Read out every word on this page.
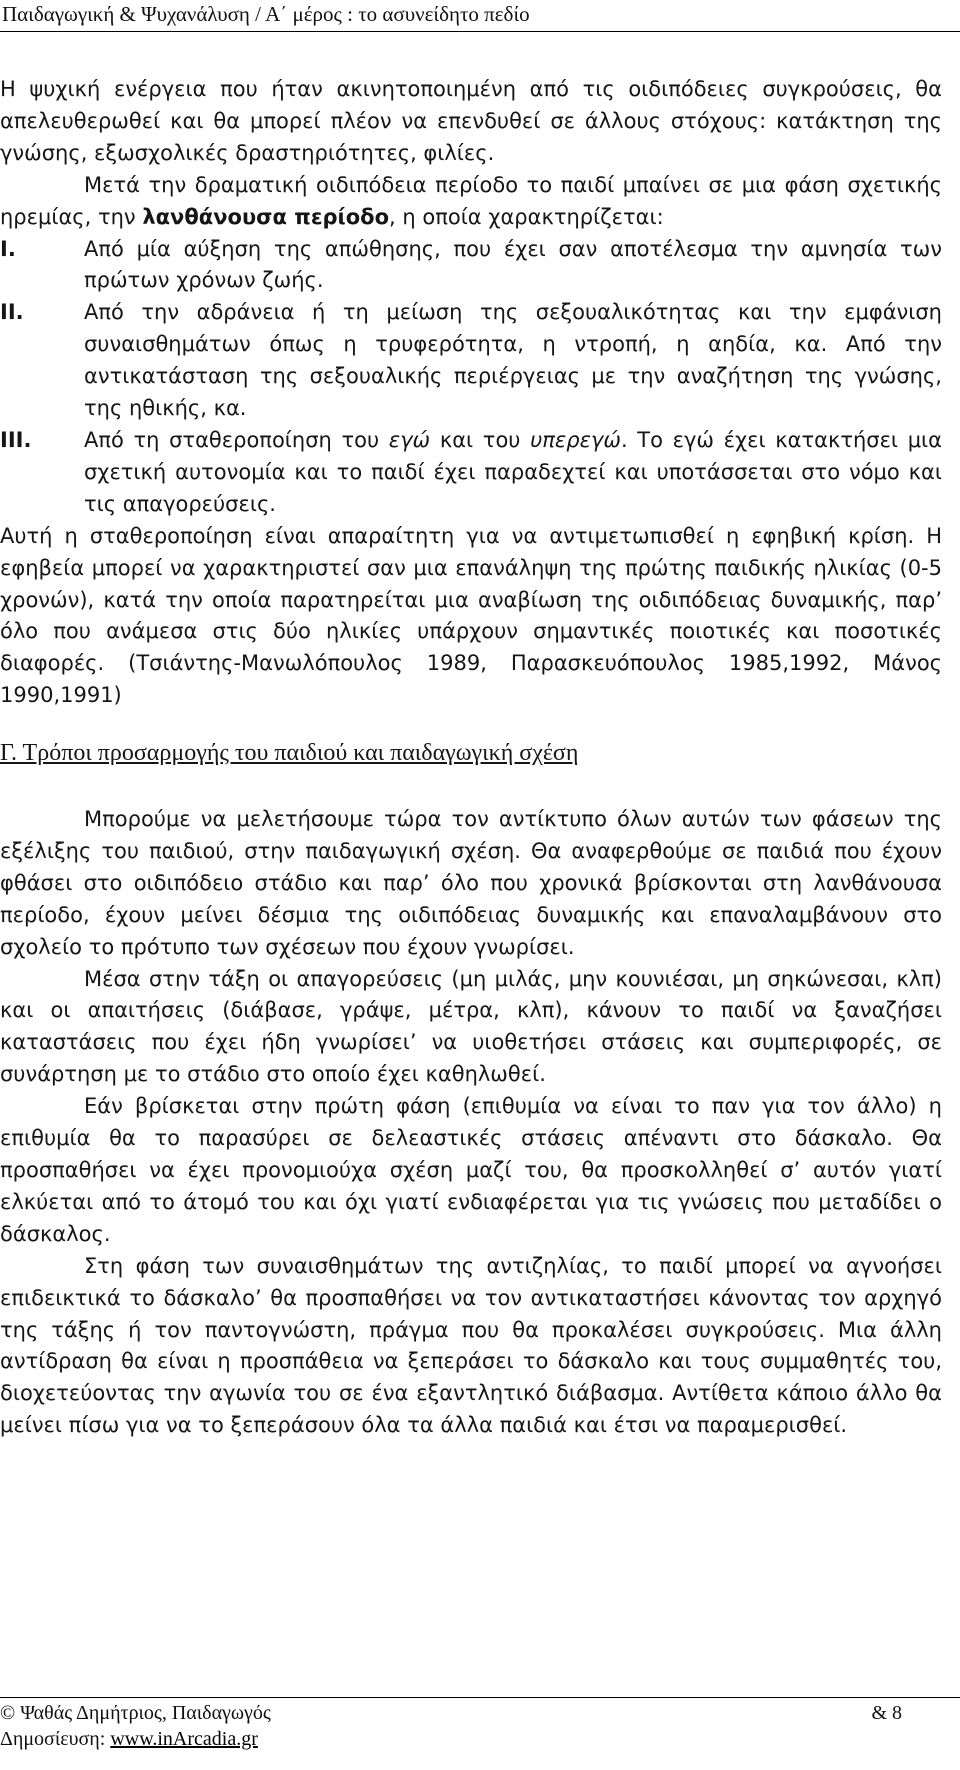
Παιδαγωγική & Ψυχανάλυση / Α΄ μέρος : το ασυνείδητο πεδίο

Η ψυχική ενέργεια που ήταν ακινητοποιημένη από τις οιδιπόδειες συγκρούσεις, θα απελευθερωθεί και θα μπορεί πλέον να επενδυθεί σε άλλους στόχους: κατάκτηση της γνώσης, εξωσχολικές δραστηριότητες, φιλίες.

Μετά την δραματική οιδιπόδεια περίοδο το παιδί μπαίνει σε μια φάση σχετικής ηρεμίας, την λανθάνουσα περίοδο, η οποία χαρακτηρίζεται:

Ι.	Από μία αύξηση της απώθησης, που έχει σαν αποτέλεσμα την αμνησία των πρώτων χρόνων ζωής.
ΙΙ.	Από την αδράνεια ή τη μείωση της σεξουαλικότητας και την εμφάνιση συναισθημάτων όπως η τρυφερότητα, η ντροπή, η αηδία, κα. Από την αντικατάσταση της σεξουαλικής περιέργειας με την αναζήτηση της γνώσης, της ηθικής, κα.
ΙΙΙ.	Από τη σταθεροποίηση του εγώ και του υπερεγώ. Το εγώ έχει κατακτήσει μια σχετική αυτονομία και το παιδί έχει παραδεχτεί και υποτάσσεται στο νόμο και τις απαγορεύσεις.

Αυτή η σταθεροποίηση είναι απαραίτητη για να αντιμετωπισθεί η εφηβική κρίση. Η εφηβεία μπορεί να χαρακτηριστεί σαν μια επανάληψη της πρώτης παιδικής ηλικίας (0-5 χρονών), κατά την οποία παρατηρείται μια αναβίωση της οιδιπόδειας δυναμικής, παρ’ όλο που ανάμεσα στις δύο ηλικίες υπάρχουν σημαντικές ποιοτικές και ποσοτικές διαφορές. (Τσιάντης-Μανωλόπουλος 1989, Παρασκευόπουλος 1985,1992, Μάνος 1990,1991)

Γ. Τρόποι προσαρμογής του παιδιού και παιδαγωγική σχέση

Μπορούμε να μελετήσουμε τώρα τον αντίκτυπο όλων αυτών των φάσεων της εξέλιξης του παιδιού, στην παιδαγωγική σχέση. Θα αναφερθούμε σε παιδιά που έχουν φθάσει στο οιδιπόδειο στάδιο και παρ’ όλο που χρονικά βρίσκονται στη λανθάνουσα περίοδο, έχουν μείνει δέσμια της οιδιπόδειας δυναμικής και επαναλαμβάνουν στο σχολείο το πρότυπο των σχέσεων που έχουν γνωρίσει.

Μέσα στην τάξη οι απαγορεύσεις (μη μιλάς, μην κουνιέσαι, μη σηκώνεσαι, κλπ) και οι απαιτήσεις (διάβασε, γράψε, μέτρα, κλπ), κάνουν το παιδί να ξαναζήσει καταστάσεις που έχει ήδη γνωρίσει’ να υιοθετήσει στάσεις και συμπεριφορές, σε συνάρτηση με το στάδιο στο οποίο έχει καθηλωθεί.

Εάν βρίσκεται στην πρώτη φάση (επιθυμία να είναι το παν για τον άλλο) η επιθυμία θα το παρασύρει σε δελεαστικές στάσεις απέναντι στο δάσκαλο. Θα προσπαθήσει να έχει προνομιούχα σχέση μαζί του, θα προσκολληθεί σ’ αυτόν γιατί ελκύεται από το άτομό του και όχι γιατί ενδιαφέρεται για τις γνώσεις που μεταδίδει ο δάσκαλος.

Στη φάση των συναισθημάτων της αντιζηλίας, το παιδί μπορεί να αγνοήσει επιδεικτικά το δάσκαλο’ θα προσπαθήσει να τον αντικαταστήσει κάνοντας τον αρχηγό της τάξης ή τον παντογνώστη, πράγμα που θα προκαλέσει συγκρούσεις. Μια άλλη αντίδραση θα είναι η προσπάθεια να ξεπεράσει το δάσκαλο και τους συμμαθητές του, διοχετεύοντας την αγωνία του σε ένα εξαντλητικό διάβασμα. Αντίθετα κάποιο άλλο θα μείνει πίσω για να το ξεπεράσουν όλα τα άλλα παιδιά και έτσι να παραμερισθεί.

© Ψαθάς Δημήτριος, Παιδαγωγός	& 8
Δημοσίευση: www.inArcadia.gr
